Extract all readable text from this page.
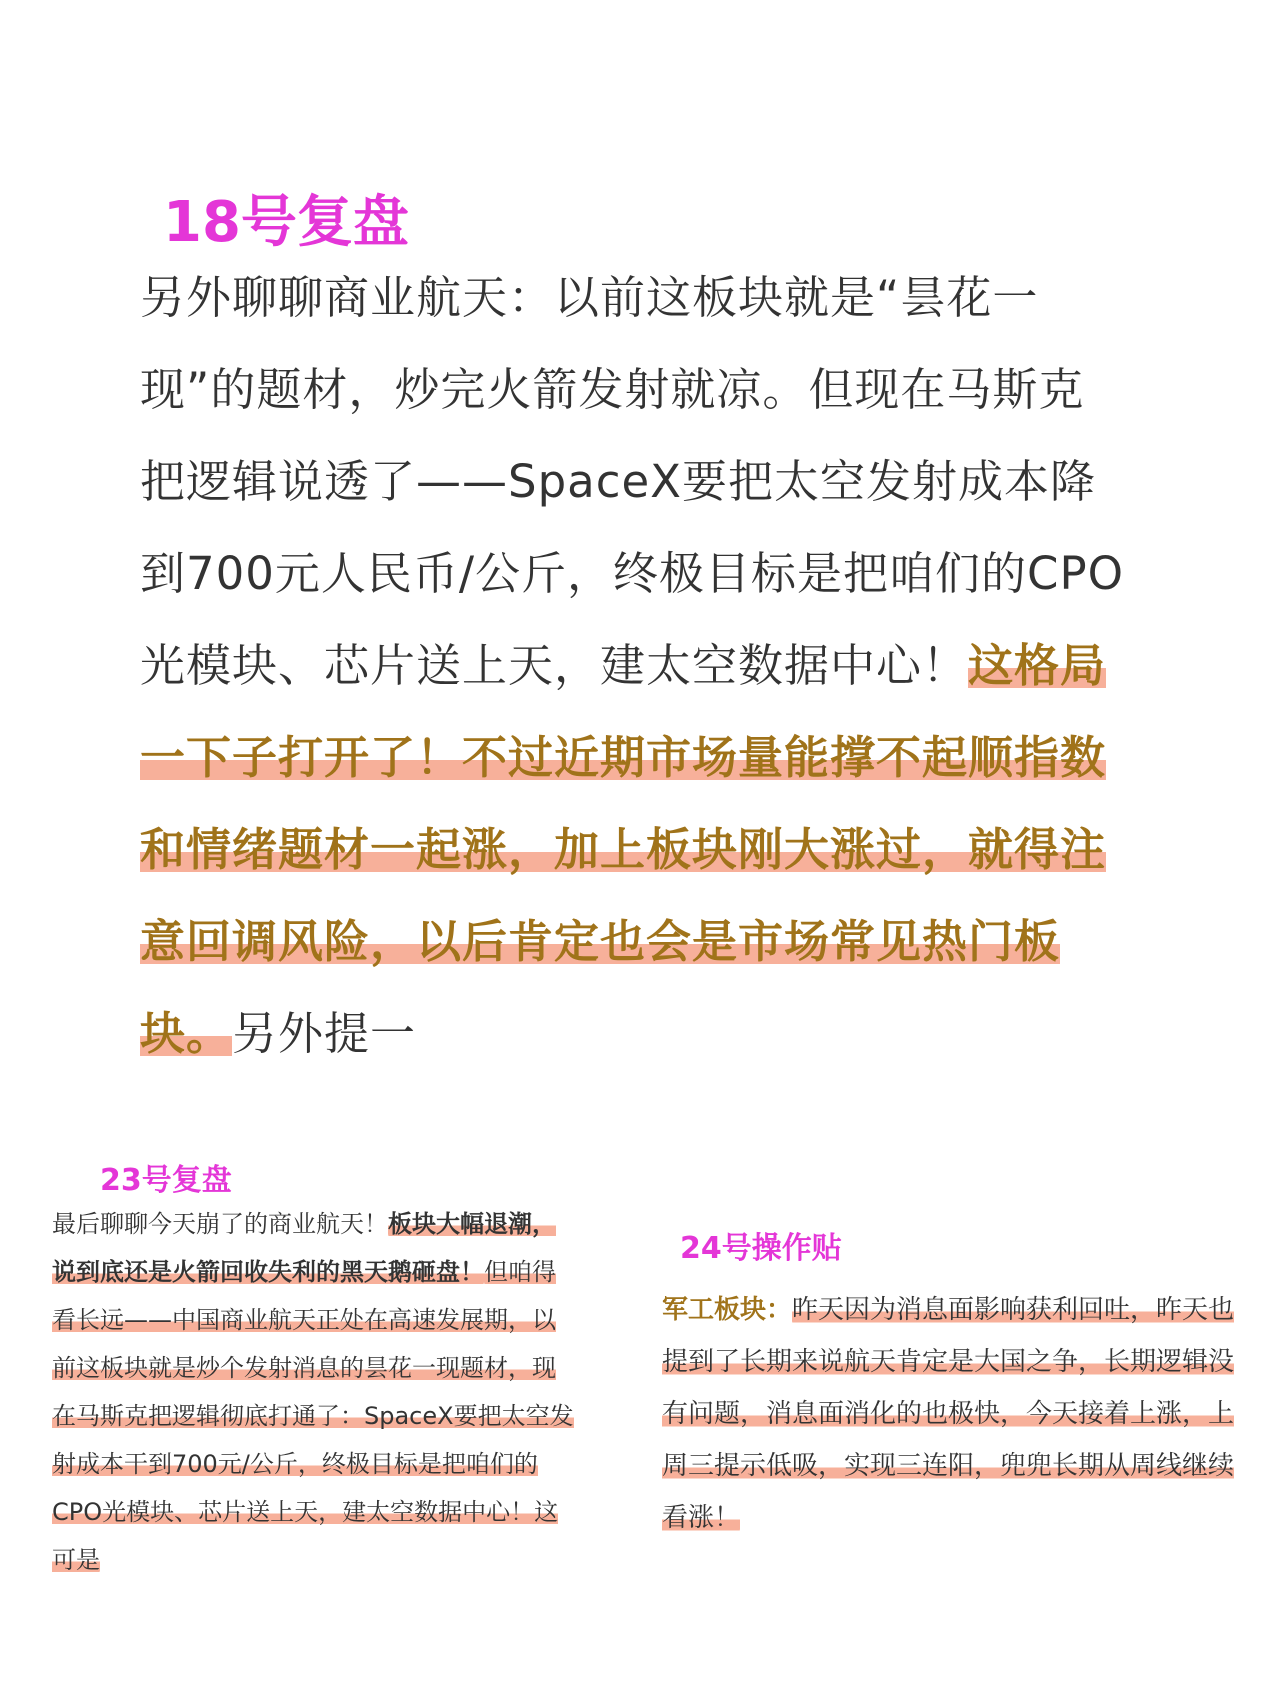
18号复盘
另外聊聊商业航天：以前这板块就是“昙花一现”的题材，炒完火箭发射就凉。但现在马斯克把逻辑说透了——SpaceX要把太空发射成本降到700元人民币/公斤，终极目标是把咱们的CPO光模块、芯片送上天，建太空数据中心！这格局一下子打开了！不过近期市场量能撑不起顺指数和情绪题材一起涨，加上板块刚大涨过，就得注意回调风险，以后肯定也会是市场常见热门板块。另外提一
23号复盘
最后聊聊今天崩了的商业航天！板块大幅退潮，说到底还是火箭回收失利的黑天鹅砸盘！但咱得看长远——中国商业航天正处在高速发展期，以前这板块就是炒个发射消息的昙花一现题材，现在马斯克把逻辑彻底打通了：SpaceX要把太空发射成本干到700元/公斤，终极目标是把咱们的CPO光模块、芯片送上天，建太空数据中心！这可是
24号操作贴
军工板块：昨天因为消息面影响获利回吐，昨天也提到了长期来说航天肯定是大国之争，长期逻辑没有问题，消息面消化的也极快，今天接着上涨，上周三提示低吸，实现三连阳，兜兜长期从周线继续看涨！
